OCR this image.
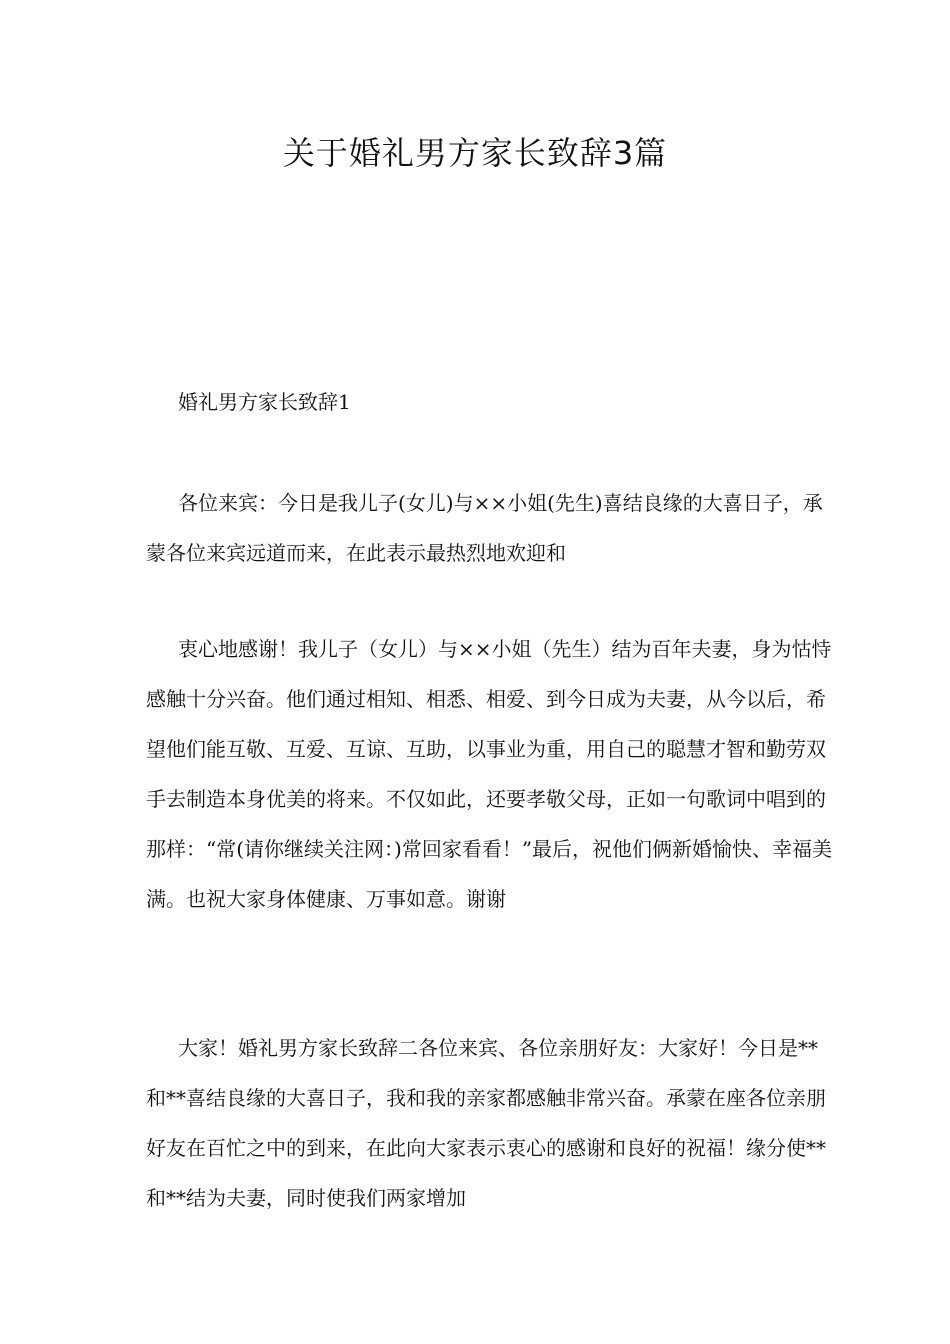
关于婚礼男方家长致辞3篇
婚礼男方家长致辞1

各位来宾：今日是我儿子(女儿)与××小姐(先生)喜结良缘的大喜日子，承蒙各位来宾远道而来，在此表示最热烈地欢迎和

衷心地感谢！我儿子（女儿）与××小姐（先生）结为百年夫妻，身为怙恃感触十分兴奋。他们通过相知、相悉、相爱、到今日成为夫妻，从今以后，希望他们能互敬、互爱、互谅、互助，以事业为重，用自己的聪慧才智和勤劳双手去制造本身优美的将来。不仅如此，还要孝敬父母，正如一句歌词中唱到的那样：“常(请你继续关注网：)常回家看看！”最后，祝他们俩新婚愉快、幸福美满。也祝大家身体健康、万事如意。谢谢

大家！婚礼男方家长致辞二各位来宾、各位亲朋好友：大家好！今日是**和**喜结良缘的大喜日子，我和我的亲家都感触非常兴奋。承蒙在座各位亲朋好友在百忙之中的到来，在此向大家表示衷心的感谢和良好的祝福！缘分使**和**结为夫妻，同时使我们两家增加
